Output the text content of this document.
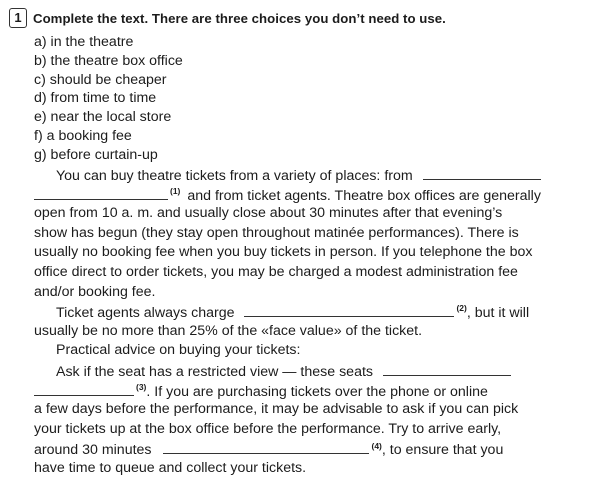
1 Complete the text. There are three choices you don’t need to use.
a) in the theatre
b) the theatre box office
c) should be cheaper
d) from time to time
e) near the local store
f) a booking fee
g) before curtain-up
You can buy theatre tickets from a variety of places: from
$^{(1)}$ and from ticket agents. Theatre box offices are generally
open from 10 a. m. and usually close about 30 minutes after that evening’s
show has begun (they stay open throughout matinée performances). There is
usually no booking fee when you buy tickets in person. If you telephone the box
office direct to order tickets, you may be charged a modest administration fee
and/or booking fee.
Ticket agents always charge	$^{(2)}$, but it will
usually be no more than 25% of the «face value» of the ticket.
Practical advice on buying your tickets:
Ask if the seat has a restricted view — these seats
$^{(3)}$. If you are purchasing tickets over the phone or online
a few days before the performance, it may be advisable to ask if you can pick
your tickets up at the box office before the performance. Try to arrive early,
around 30 minutes	$^{(4)}$, to ensure that you
have time to queue and collect your tickets.
